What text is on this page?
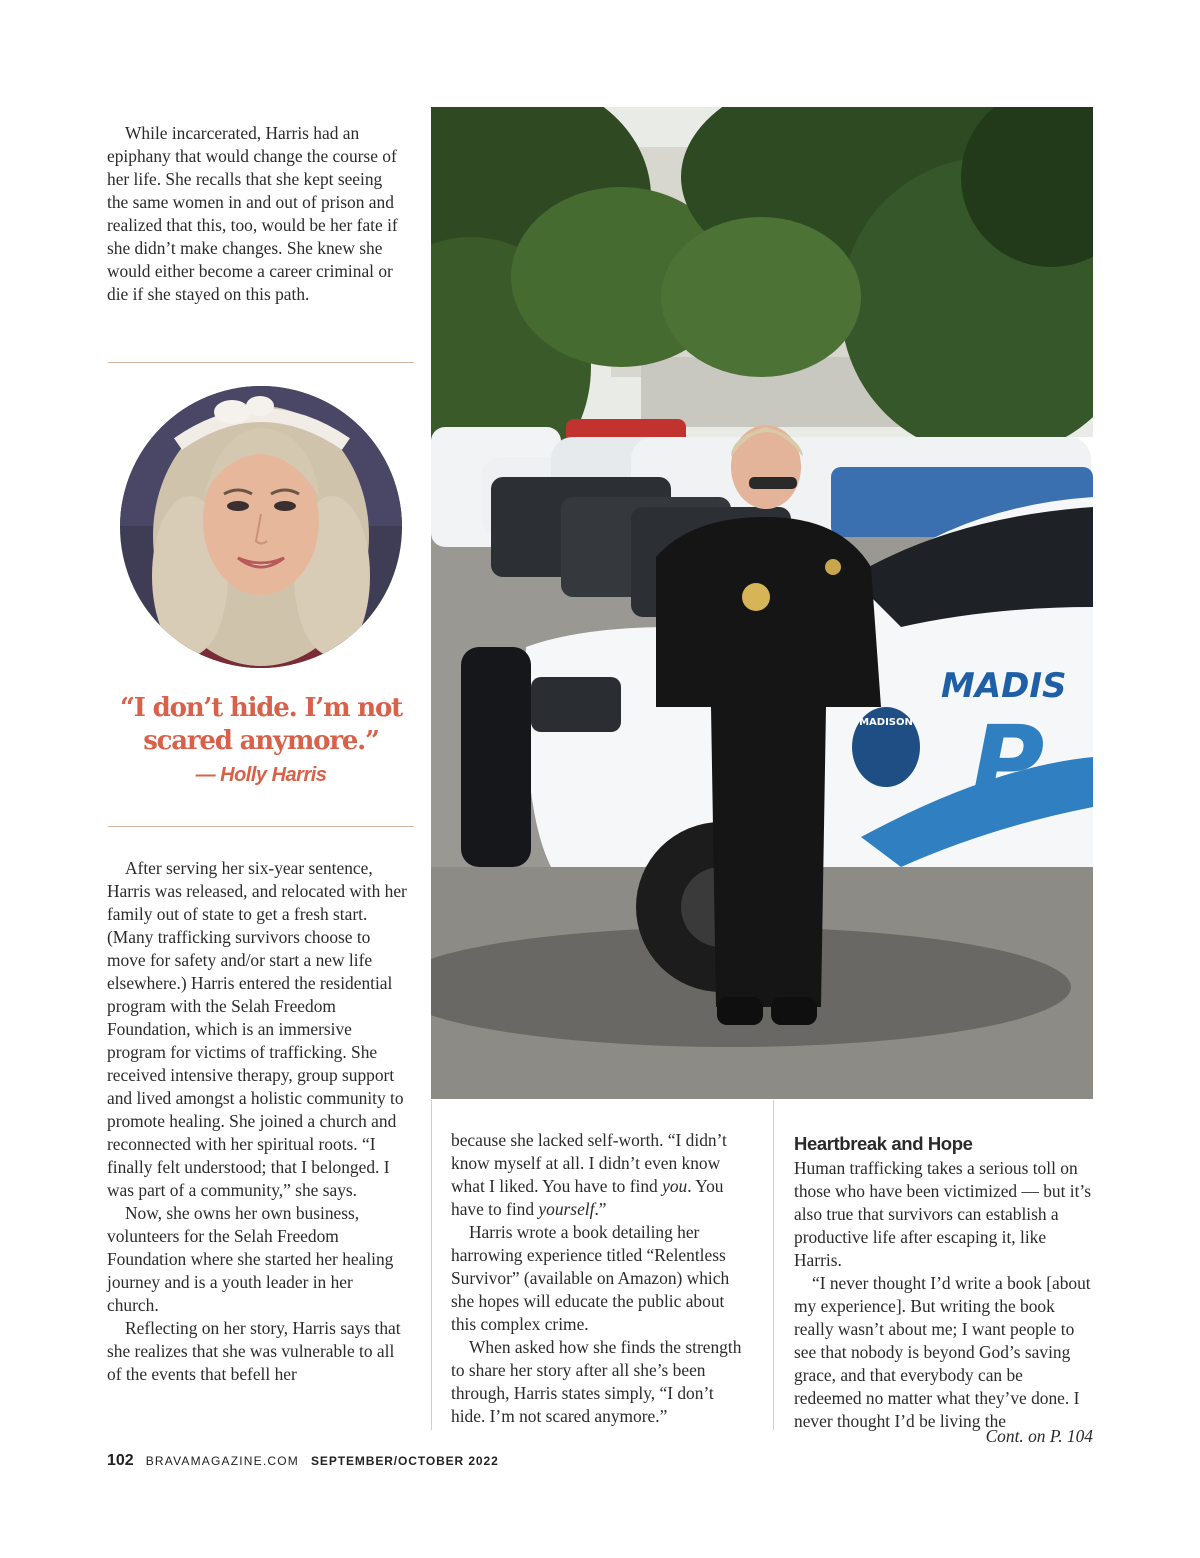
While incarcerated, Harris had an epiphany that would change the course of her life. She recalls that she kept seeing the same women in and out of prison and realized that this, too, would be her fate if she didn’t make changes. She knew she would either become a career criminal or die if she stayed on this path.

“I don’t hide. I’m not scared anymore.”
— Holly Harris

After serving her six-year sentence, Harris was released, and relocated with her family out of state to get a fresh start. (Many trafficking survivors choose to move for safety and/or start a new life elsewhere.) Harris entered the residential program with the Selah Freedom Foundation, which is an immersive program for victims of trafficking. She received intensive therapy, group support and lived amongst a holistic community to promote healing. She joined a church and reconnected with her spiritual roots. “I finally felt understood; that I belonged. I was part of a community,” she says.

Now, she owns her own business, volunteers for the Selah Freedom Foundation where she started her healing journey and is a youth leader in her church.

Reflecting on her story, Harris says that she realizes that she was vulnerable to all of the events that befell her

MADIS
P
MADISON

because she lacked self-worth. “I didn’t know myself at all. I didn’t even know what I liked. You have to find you. You have to find yourself.”

Harris wrote a book detailing her harrowing experience titled “Relentless Survivor” (available on Amazon) which she hopes will educate the public about this complex crime.

When asked how she finds the strength to share her story after all she’s been through, Harris states simply, “I don’t hide. I’m not scared anymore.”

Heartbreak and Hope

Human trafficking takes a serious toll on those who have been victimized — but it’s also true that survivors can establish a productive life after escaping it, like Harris.

“I never thought I’d write a book [about my experience]. But writing the book really wasn’t about me; I want people to see that nobody is beyond God’s saving grace, and that everybody can be redeemed no matter what they’ve done. I never thought I’d be living the

Cont. on P. 104
102 BRAVAMAGAZINE.COM SEPTEMBER/OCTOBER 2022
